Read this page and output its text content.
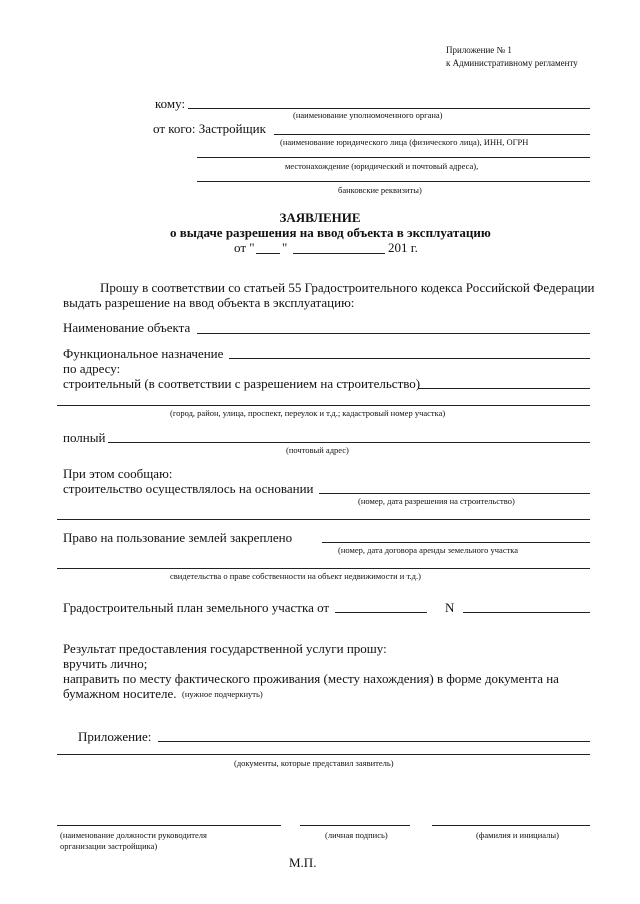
Приложение № 1
к Административному регламенту
кому:
(наименование уполномоченного органа)
от кого: Застройщик
(наименование юридического лица (физического лица), ИНН, ОГРН
местонахождение (юридический и почтовый адреса),
банковские реквизиты)
ЗАЯВЛЕНИЕ
о выдаче разрешения на ввод объекта в эксплуатацию
от " "	201 г.
Прошу в соответствии со статьей 55 Градостроительного кодекса Российской Федерации
выдать разрешение на ввод объекта в эксплуатацию:
Наименование объекта
Функциональное назначение
по адресу:
строительный (в соответствии с разрешением на строительство)
(город, район, улица, проспект, переулок и т.д.; кадастровый номер участка)
полный
(почтовый адрес)
При этом сообщаю:
строительство осуществлялось на основании
(номер, дата разрешения на строительство)
Право на пользование землей закреплено
(номер, дата договора аренды земельного участка
свидетельства о праве собственности на объект недвижимости и т.д.)
Градостроительный план земельного участка от	N
Результат предоставления государственной услуги прошу:
вручить лично;
направить по месту фактического проживания (месту нахождения) в форме документа на
бумажном носителе. (нужное подчеркнуть)
Приложение:
(документы, которые представил заявитель)
(наименование должности руководителя
организации застройщика)
(личная подпись)	(фамилия и инициалы)
М.П.
